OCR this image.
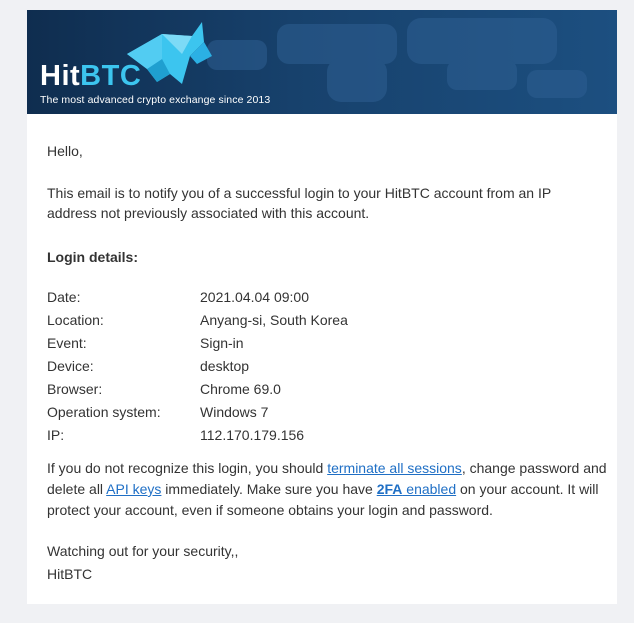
HitBTC
The most advanced crypto exchange since 2013
Hello,
This email is to notify you of a successful login to your HitBTC account from an IP address not previously associated with this account.
Login details:
Date:	2021.04.04 09:00
Location:	Anyang-si, South Korea
Event:	Sign-in
Device:	desktop
Browser:	Chrome 69.0
Operation system:	Windows 7
IP:	112.170.179.156
If you do not recognize this login, you should terminate all sessions, change password and delete all API keys immediately. Make sure you have 2FA enabled on your account. It will protect your account, even if someone obtains your login and password.
Watching out for your security,,
HitBTC
